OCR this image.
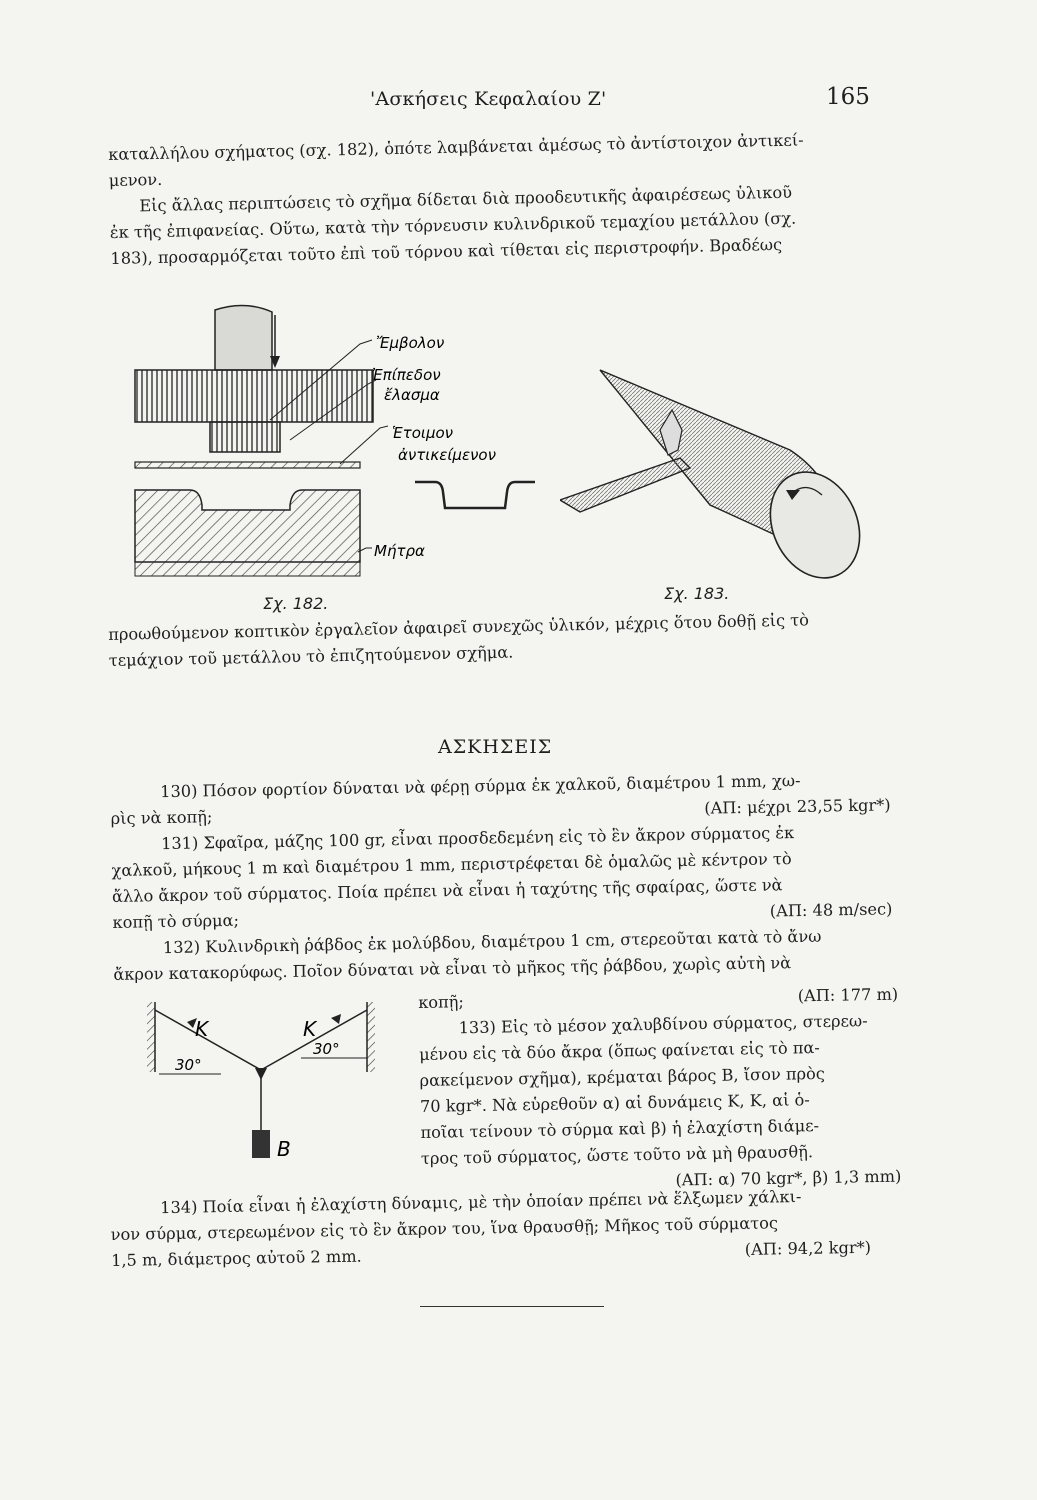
'Ασκήσεις Κεφαλαίου Ζ'	165
καταλλήλου σχήματος (σχ. 182), ὁπότε λαμβάνεται ἀμέσως τὸ ἀντίστοιχον ἀντικεί-
μενον.
Εἰς ἄλλας περιπτώσεις τὸ σχῆμα δίδεται διὰ προοδευτικῆς ἀφαιρέσεως ὑλικοῦ
ἐκ τῆς ἐπιφανείας. Οὕτω, κατὰ τὴν τόρνευσιν κυλινδρικοῦ τεμαχίου μετάλλου (σχ.
183), προσαρμόζεται τοῦτο ἐπὶ τοῦ τόρνου καὶ τίθεται εἰς περιστροφήν. Βραδέως
Ἔμβολον
Ἐπίπεδον
ἔλασμα
Ἑτοιμον
ἀντικείμενον
Μήτρα
Σχ. 182.
Σχ. 183.
προωθούμενον κοπτικὸν ἐργαλεῖον ἀφαιρεῖ συνεχῶς ὑλικόν, μέχρις ὅτου δοθῇ εἰς τὸ
τεμάχιον τοῦ μετάλλου τὸ ἐπιζητούμενον σχῆμα.
ΑΣΚΗΣΕΙΣ
130) Πόσον φορτίον δύναται νὰ φέρῃ σύρμα ἐκ χαλκοῦ, διαμέτρου 1 mm, χω-
ρὶς νὰ κοπῇ;	(ΑΠ: μέχρι 23,55 kgr*)
131) Σφαῖρα, μάζης 100 gr, εἶναι προσδεδεμένη εἰς τὸ ἓν ἄκρον σύρματος ἐκ
χαλκοῦ, μήκους 1 m καὶ διαμέτρου 1 mm, περιστρέφεται δὲ ὁμαλῶς μὲ κέντρον τὸ
ἄλλο ἄκρον τοῦ σύρματος. Ποία πρέπει νὰ εἶναι ἡ ταχύτης τῆς σφαίρας, ὥστε νὰ
κοπῇ τὸ σύρμα;
(ΑΠ: 48 m/sec)
132) Κυλινδρικὴ ῥάβδος ἐκ μολύβδου, διαμέτρου 1 cm, στερεοῦται κατὰ τὸ ἄνω
ἄκρον κατακορύφως. Ποῖον δύναται νὰ εἶναι τὸ μῆκος τῆς ῥάβδου, χωρὶς αὐτὴ νὰ
κοπῇ;	(ΑΠ: 177 m)
133) Εἰς τὸ μέσον χαλυβδίνου σύρματος, στερεω-
μένου εἰς τὰ δύο ἄκρα (ὅπως φαίνεται εἰς τὸ πα-
ρακείμενον σχῆμα), κρέμαται βάρος B, ἴσον πρὸς
70 kgr*. Νὰ εὑρεθοῦν α) αἱ δυνάμεις K, K, αἱ ὁ-
ποῖαι τείνουν τὸ σύρμα καὶ β) ἡ ἐλαχίστη διάμε-
τρος τοῦ σύρματος, ὥστε τοῦτο νὰ μὴ θραυσθῇ.
(ΑΠ: α) 70 kgr*, β) 1,3 mm)
K	K
30°
30°
B
134) Ποία εἶναι ἡ ἐλαχίστη δύναμις, μὲ τὴν ὁποίαν πρέπει νὰ ἕλξωμεν χάλκι-
νον σύρμα, στερεωμένον εἰς τὸ ἓν ἄκρον του, ἵνα θραυσθῇ; Μῆκος τοῦ σύρματος
1,5 m, διάμετρος αὐτοῦ 2 mm.	(ΑΠ: 94,2 kgr*)
